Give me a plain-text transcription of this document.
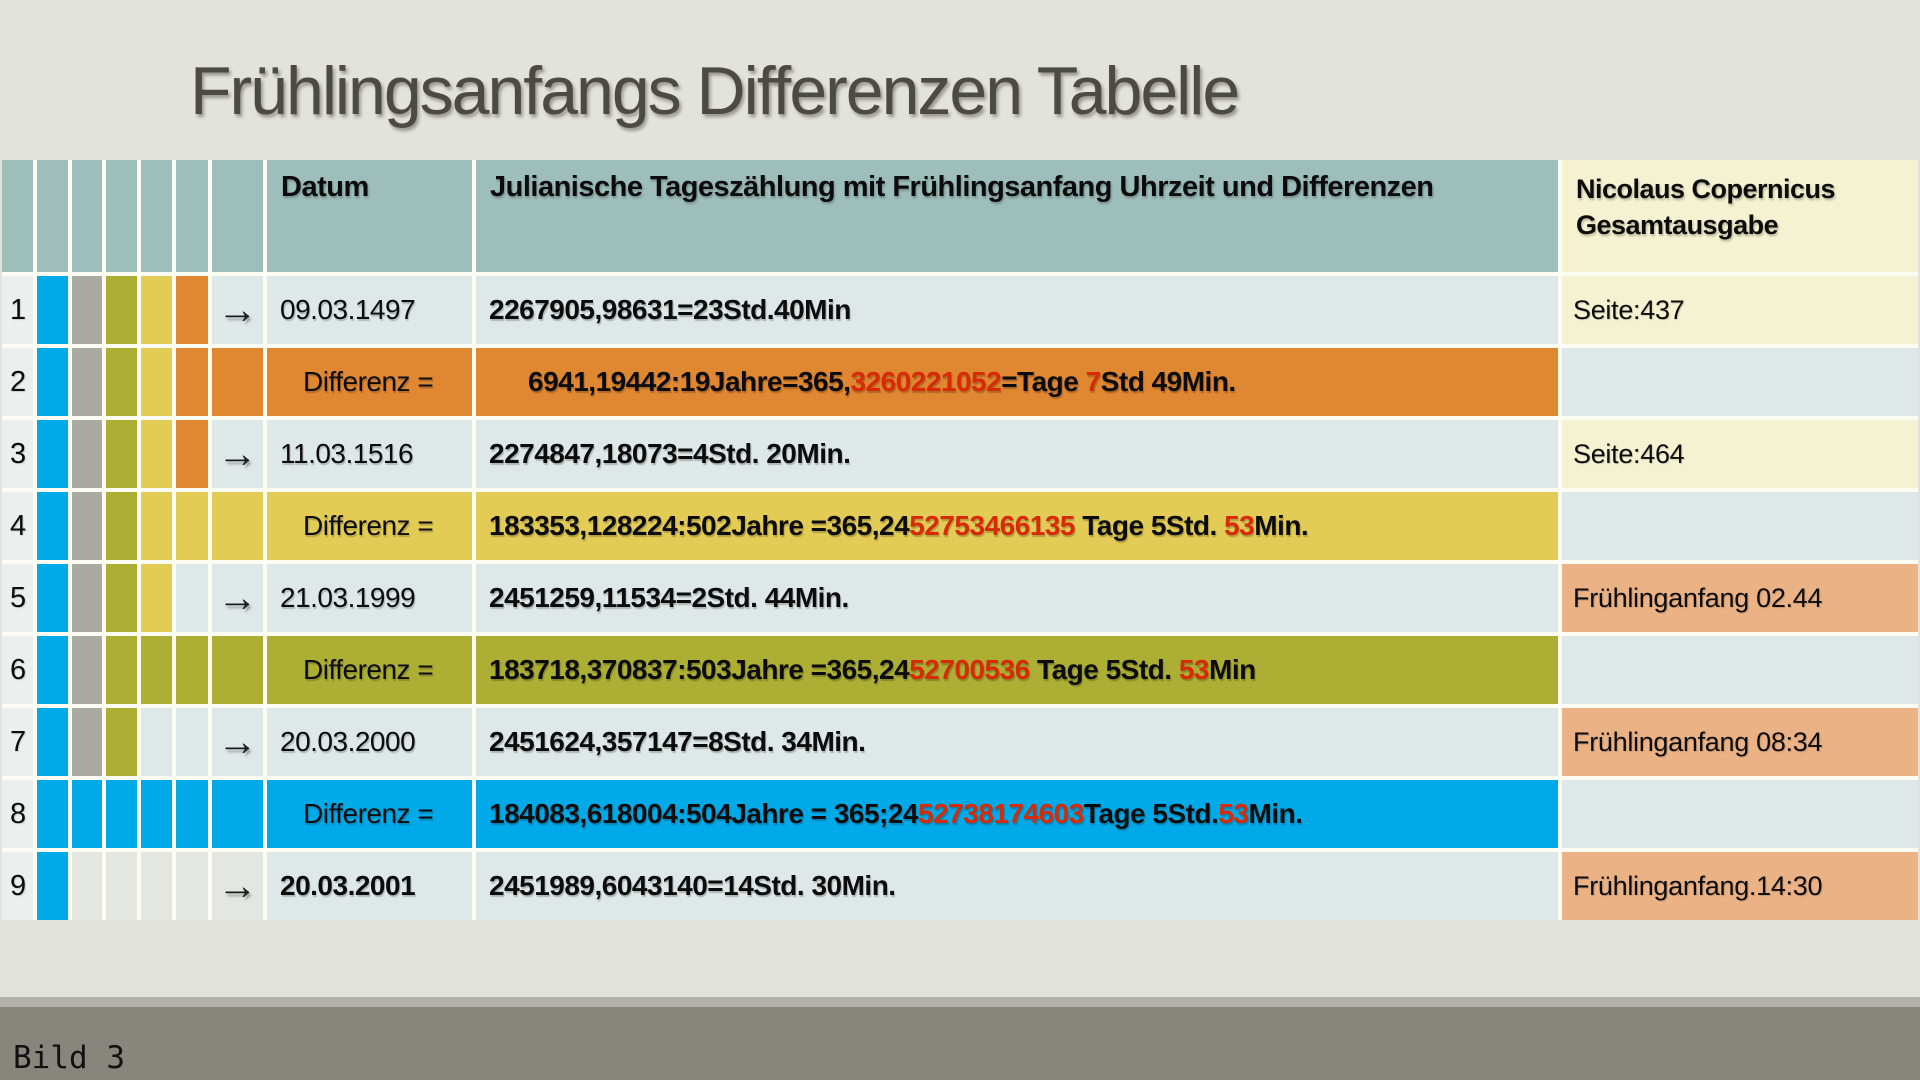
Frühlingsanfangs Differenzen Tabelle
Datum	Julianische Tageszählung mit Frühlingsanfang Uhrzeit und Differenzen	Nicolaus Copernicus Gesamtausgabe
1	→ 09.03.1497	2267905,98631=23Std.40Min	Seite:437
2	Differenz =	6941,19442:19Jahre=365, 3260221052 =Tage 7 Std 49Min.
3	→ 11.03.1516	2274847,18073=4Std. 20Min.	Seite:464
4	Differenz =	183353,128224:502Jahre =365,24 52753466135 Tage 5Std. 53 Min.
5	→ 21.03.1999	2451259,11534=2Std. 44Min.	Frühlinganfang 02.44
6	Differenz =	183718,370837:503Jahre =365,24 52700536 Tage 5Std. 53 Min
7	→ 20.03.2000	2451624,357147=8Std. 34Min.	Frühlinganfang 08:34
8	Differenz =	184083,618004:504Jahre = 365;24 52738174603 Tage 5Std. 53 Min.
9	→ 20.03.2001	2451989,6043140=14Std. 30Min.	Frühlinganfang.14:30
Bild 3
